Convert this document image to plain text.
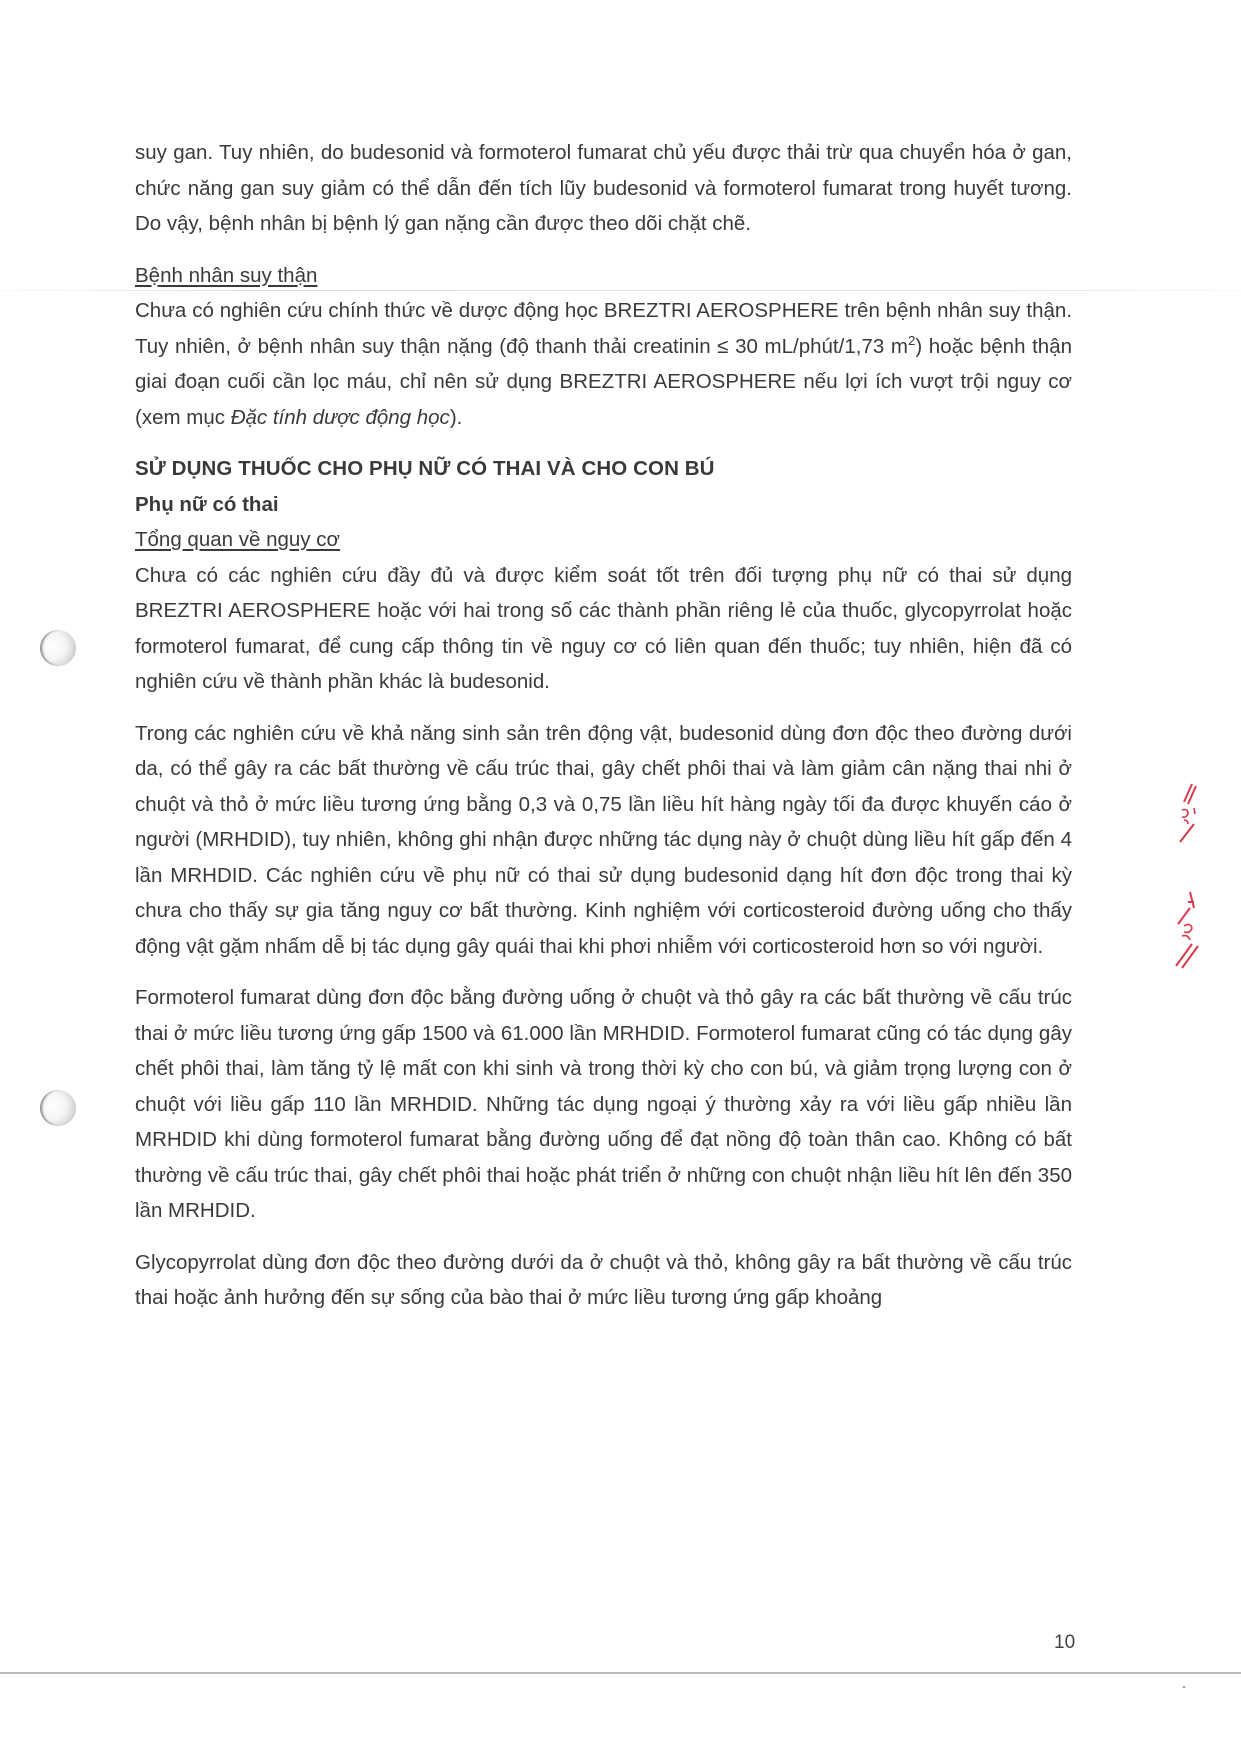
suy gan. Tuy nhiên, do budesonid và formoterol fumarat chủ yếu được thải trừ qua chuyển hóa ở gan, chức năng gan suy giảm có thể dẫn đến tích lũy budesonid và formoterol fumarat trong huyết tương. Do vậy, bệnh nhân bị bệnh lý gan nặng cần được theo dõi chặt chẽ.

Bệnh nhân suy thận

Chưa có nghiên cứu chính thức về dược động học BREZTRI AEROSPHERE trên bệnh nhân suy thận. Tuy nhiên, ở bệnh nhân suy thận nặng (độ thanh thải creatinin ≤ 30 mL/phút/1,73 $m^2$) hoặc bệnh thận giai đoạn cuối cần lọc máu, chỉ nên sử dụng BREZTRI AEROSPHERE nếu lợi ích vượt trội nguy cơ (xem mục Đặc tính dược động học).

SỬ DỤNG THUỐC CHO PHỤ NỮ CÓ THAI VÀ CHO CON BÚ

Phụ nữ có thai

Tổng quan về nguy cơ

Chưa có các nghiên cứu đầy đủ và được kiểm soát tốt trên đối tượng phụ nữ có thai sử dụng BREZTRI AEROSPHERE hoặc với hai trong số các thành phần riêng lẻ của thuốc, glycopyrrolat hoặc formoterol fumarat, để cung cấp thông tin về nguy cơ có liên quan đến thuốc; tuy nhiên, hiện đã có nghiên cứu về thành phần khác là budesonid.

Trong các nghiên cứu về khả năng sinh sản trên động vật, budesonid dùng đơn độc theo đường dưới da, có thể gây ra các bất thường về cấu trúc thai, gây chết phôi thai và làm giảm cân nặng thai nhi ở chuột và thỏ ở mức liều tương ứng bằng 0,3 và 0,75 lần liều hít hàng ngày tối đa được khuyến cáo ở người (MRHDID), tuy nhiên, không ghi nhận được những tác dụng này ở chuột dùng liều hít gấp đến 4 lần MRHDID. Các nghiên cứu về phụ nữ có thai sử dụng budesonid dạng hít đơn độc trong thai kỳ chưa cho thấy sự gia tăng nguy cơ bất thường. Kinh nghiệm với corticosteroid đường uống cho thấy động vật gặm nhấm dễ bị tác dụng gây quái thai khi phơi nhiễm với corticosteroid hơn so với người.

Formoterol fumarat dùng đơn độc bằng đường uống ở chuột và thỏ gây ra các bất thường về cấu trúc thai ở mức liều tương ứng gấp 1500 và 61.000 lần MRHDID. Formoterol fumarat cũng có tác dụng gây chết phôi thai, làm tăng tỷ lệ mất con khi sinh và trong thời kỳ cho con bú, và giảm trọng lượng con ở chuột với liều gấp 110 lần MRHDID. Những tác dụng ngoại ý thường xảy ra với liều gấp nhiều lần MRHDID khi dùng formoterol fumarat bằng đường uống để đạt nồng độ toàn thân cao. Không có bất thường về cấu trúc thai, gây chết phôi thai hoặc phát triển ở những con chuột nhận liều hít lên đến 350 lần MRHDID.

Glycopyrrolat dùng đơn độc theo đường dưới da ở chuột và thỏ, không gây ra bất thường về cấu trúc thai hoặc ảnh hưởng đến sự sống của bào thai ở mức liều tương ứng gấp khoảng

10
